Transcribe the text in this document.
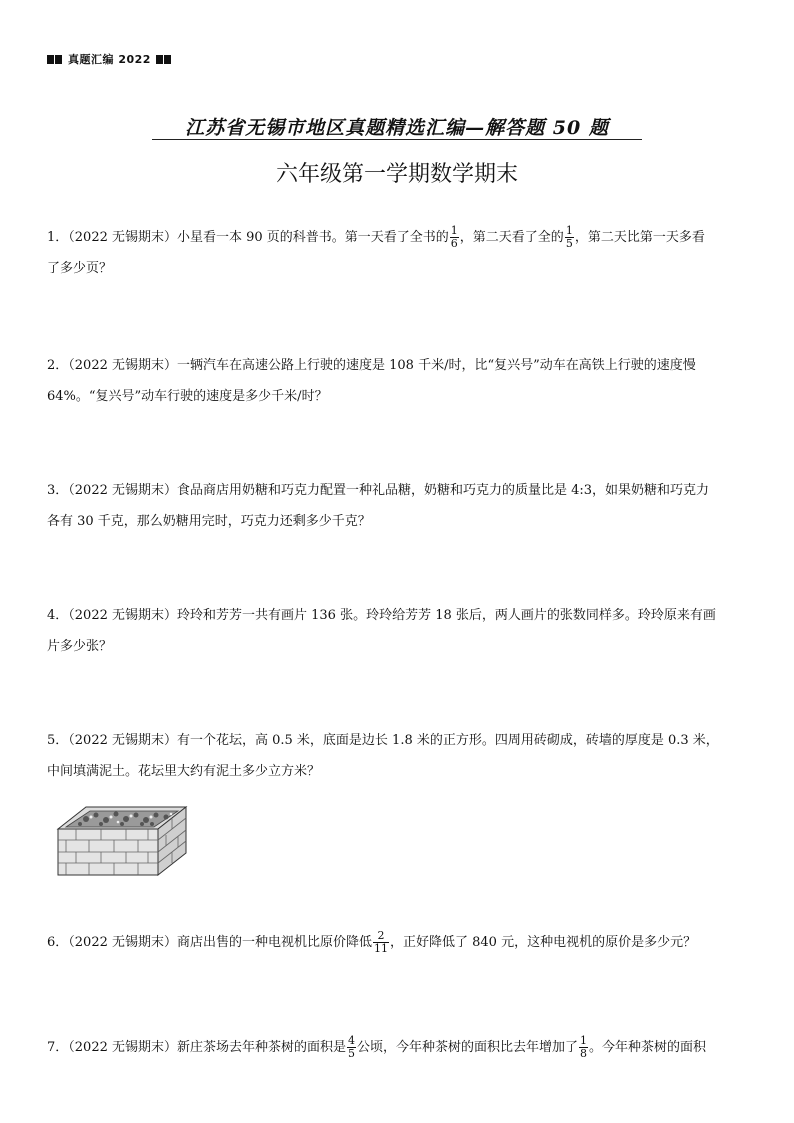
真题汇编 2022
江苏省无锡市地区真题精选汇编—解答题 50 题
六年级第一学期数学期末
1．（2022 无锡期末）小星看一本 90 页的科普书。第一天看了全书的 $\frac{1}{6}$ ，第二天看了全的 $\frac{1}{5}$ ，第二天比第一天多看
了多少页？
2．（2022 无锡期末）一辆汽车在高速公路上行驶的速度是 108 千米/时，比“复兴号”动车在高铁上行驶的速度慢
64%。“复兴号”动车行驶的速度是多少千米/时？
3．（2022 无锡期末）食品商店用奶糖和巧克力配置一种礼品糖，奶糖和巧克力的质量比是 4:3，如果奶糖和巧克力
各有 30 千克，那么奶糖用完时，巧克力还剩多少千克？
4．（2022 无锡期末）玲玲和芳芳一共有画片 136 张。玲玲给芳芳 18 张后，两人画片的张数同样多。玲玲原来有画
片多少张？
5．（2022 无锡期末）有一个花坛，高 0.5 米，底面是边长 1.8 米的正方形。四周用砖砌成，砖墙的厚度是 0.3 米，
中间填满泥土。花坛里大约有泥土多少立方米？
6．（2022 无锡期末）商店出售的一种电视机比原价降低 $\frac{2}{11}$ ，正好降低了 840 元，这种电视机的原价是多少元？
7．（2022 无锡期末）新庄茶场去年种茶树的面积是 $\frac{4}{5}$ 公顷，今年种茶树的面积比去年增加了 $\frac{1}{8}$ 。今年种茶树的面积
